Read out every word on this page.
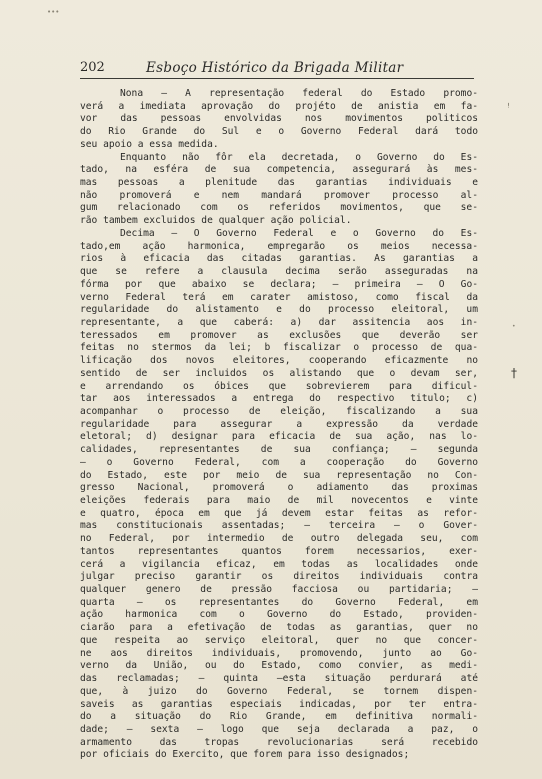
•••
202	Esboço Histórico da Brigada Militar
Nona — A representação federal do Estado promo-
verá a imediata aprovação do projéto de anistia em fa-
vor das pessoas envolvidas nos movimentos politicos
do Rio Grande do Sul e o Governo Federal dará todo
seu apoio a essa medida.
Enquanto não fôr ela decretada, o Governo do Es-
tado, na esféra de sua competencia, assegurará às mes-
mas pessoas a plenitude das garantias individuais e
não promoverá e nem mandará promover processo al-
gum relacionado com os referidos movimentos, que se-
rão tambem excluidos de qualquer ação policial.
Decima — O Governo Federal e o Governo do Es-
tado,em ação harmonica, empregarão os meios necessa-
rios à eficacia das citadas garantias. As garantias a
que se refere a clausula decima serão asseguradas na
fórma por que abaixo se declara; — primeira — O Go-
verno Federal terá em carater amistoso, como fiscal da
regularidade do alistamento e do processo eleitoral, um
representante, a que caberá: a) dar assitencia aos in-
teressados em promover as exclusões que deverão ser
feitas no stermos da lei; b fiscalizar o processo de qua-
lificação dos novos eleitores, cooperando eficazmente no
sentido de ser incluidos os alistando que o devam ser,
e arrendando os óbices que sobrevierem para dificul-
tar aos interessados a entrega do respectivo titulo; c)
acompanhar o processo de eleição, fiscalizando a sua
regularidade para assegurar a expressão da verdade
eletoral; d) designar para eficacia de sua ação, nas lo-
calidades, representantes de sua confiança; — segunda
— o Governo Federal, com a cooperação do Governo
do Estado, este por meio de sua representação no Con-
gresso Nacional, promoverá o adiamento das proximas
eleições federais para maio de mil novecentos e vinte
e quatro, época em que já devem estar feitas as refor-
mas constitucionais assentadas; — terceira — o Gover-
no Federal, por intermedio de outro delegada seu, com
tantos representantes quantos forem necessarios, exer-
cerá a vigilancia eficaz, em todas as localidades onde
julgar preciso garantir os direitos individuais contra
qualquer genero de pressão facciosa ou partidaria; —
quarta — os representantes do Governo Federal, em
ação harmonica com o Governo do Estado, providen-
ciarão para a efetivação de todas as garantias, quer no
que respeita ao serviço eleitoral, quer no que concer-
ne aos direitos individuais, promovendo, junto ao Go-
verno da União, ou do Estado, como convier, as medi-
das reclamadas; — quinta —esta situação perdurará até
que, à juizo do Governo Federal, se tornem dispen-
saveis as garantias especiais indicadas, por ter entra-
do a situação do Rio Grande, em definitiva normali-
dade; — sexta — logo que seja declarada a paz, o
armamento das tropas revolucionarias será recebido
por oficiais do Exercito, que forem para isso designados;
ꜝ
•
†
